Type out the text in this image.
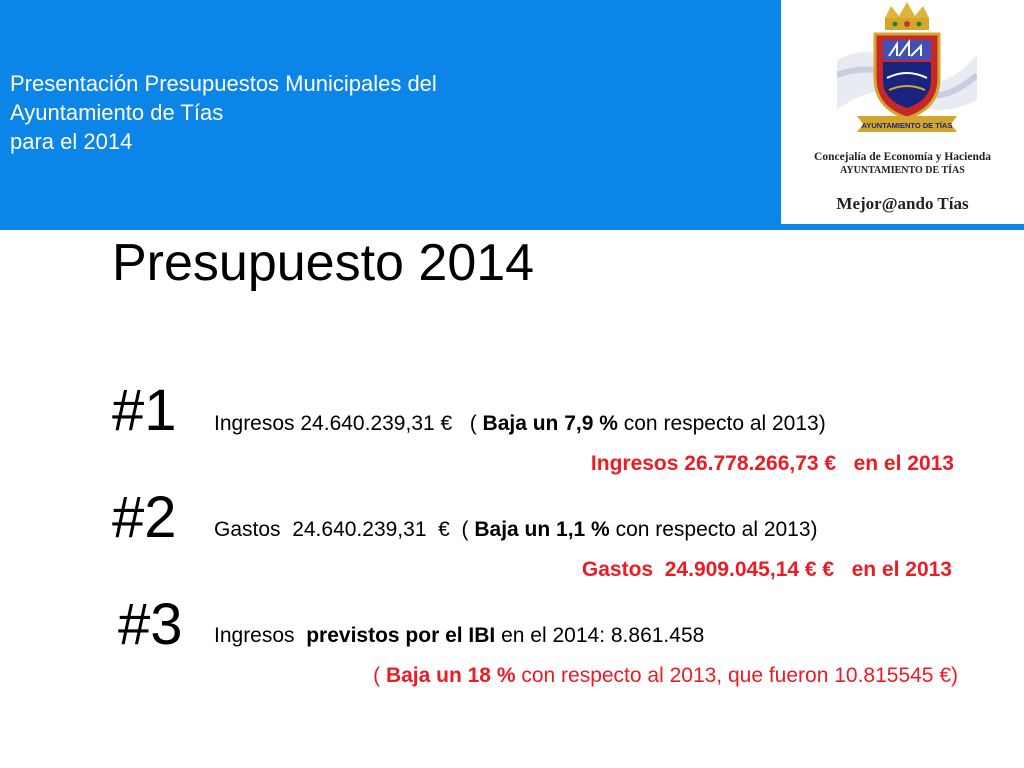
Presentación Presupuestos Municipales del
Ayuntamiento de Tías
para el 2014
AYUNTAMIENTO DE TÍAS
Concejalía de Economía y Hacienda
AYUNTAMIENTO DE TÍAS
Mejor@ando Tías
Presupuesto 2014
#1 Ingresos 24.640.239,31 €   ( Baja un 7,9 % con respecto al 2013)
Ingresos 26.778.266,73 €   en el 2013
#2 Gastos  24.640.239,31  €  ( Baja un 1,1 % con respecto al 2013)
Gastos  24.909.045,14 € €   en el 2013
#3 Ingresos  previstos por el IBI en el 2014: 8.861.458
( Baja un 18 % con respecto al 2013, que fueron 10.815545 €)
